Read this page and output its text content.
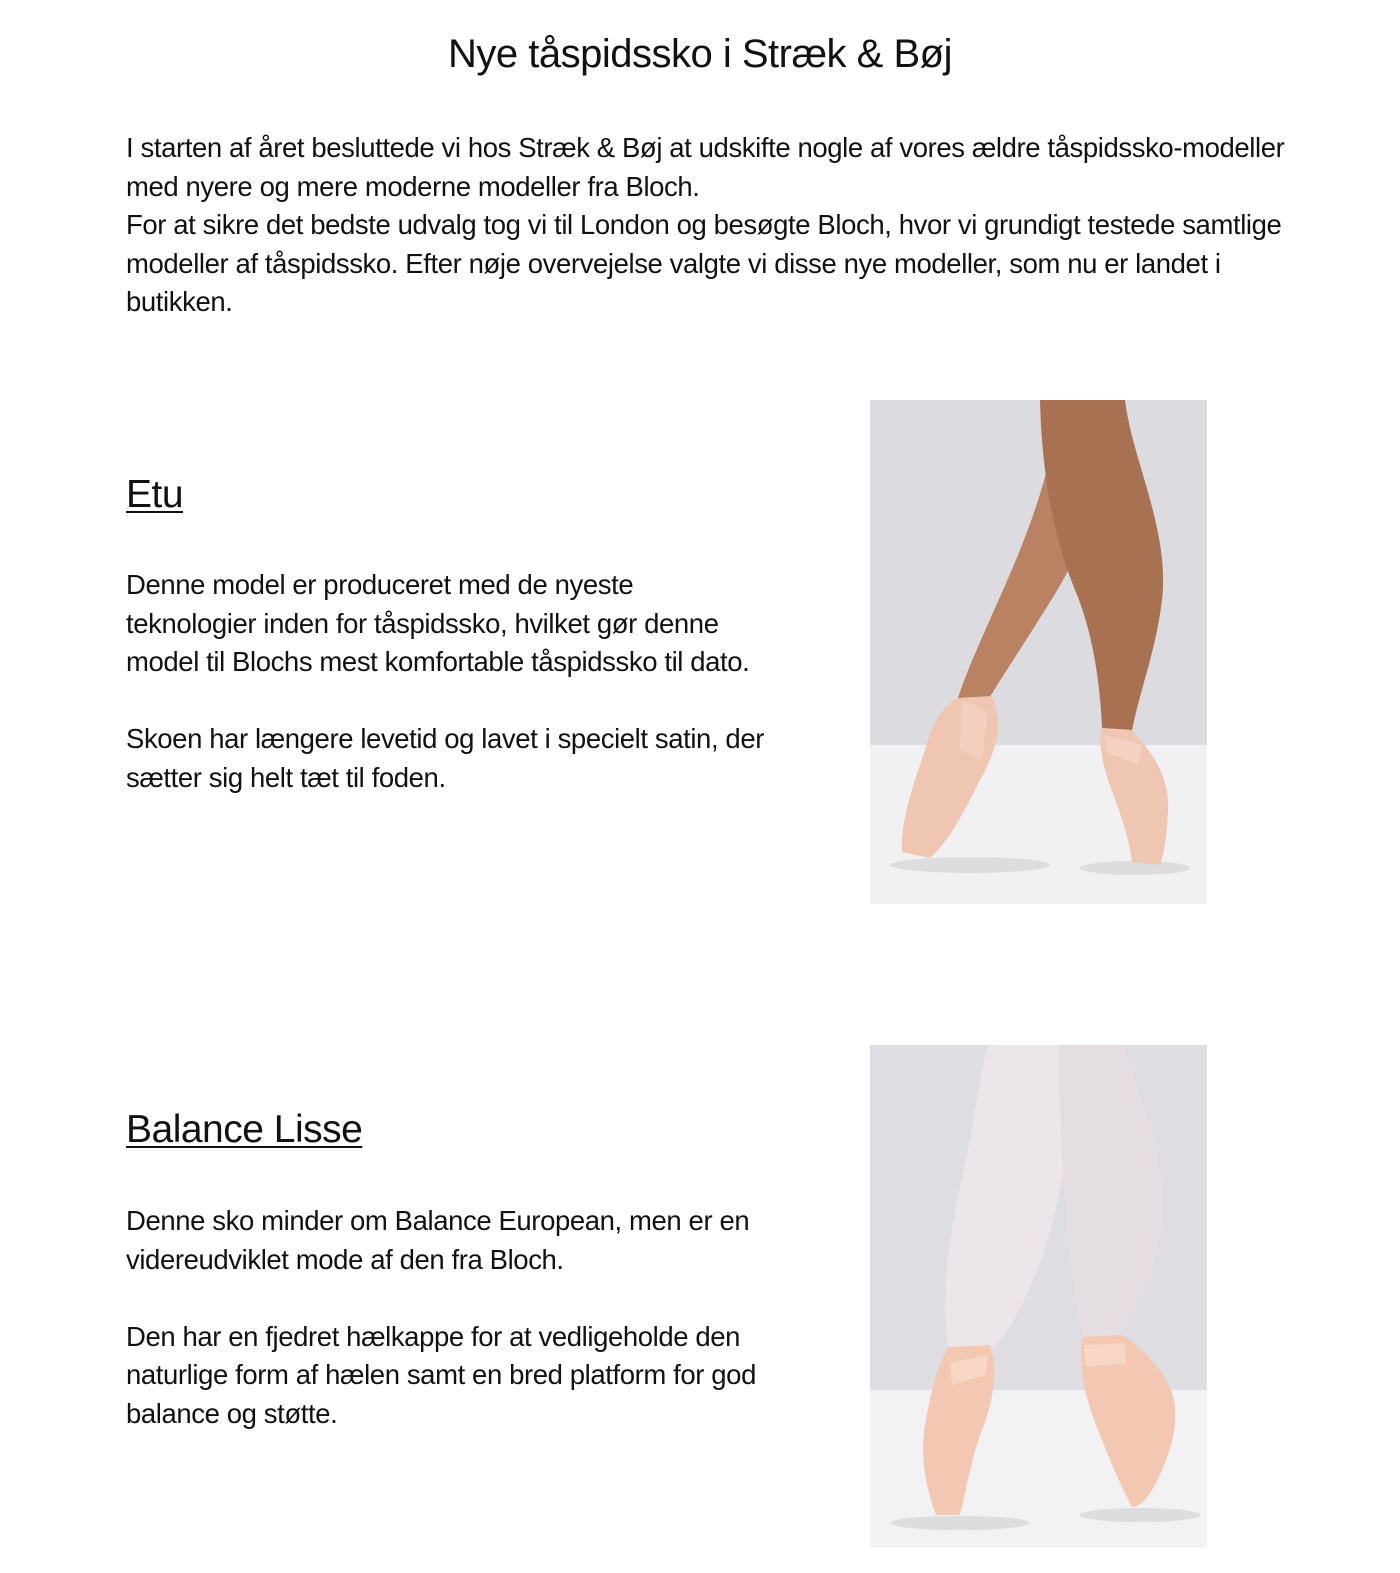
Nye tåspidssko i Stræk & Bøj

I starten af året besluttede vi hos Stræk & Bøj at udskifte nogle af vores ældre tåspidssko-modeller med nyere og mere moderne modeller fra Bloch.

For at sikre det bedste udvalg tog vi til London og besøgte Bloch, hvor vi grundigt testede samtlige modeller af tåspidssko. Efter nøje overvejelse valgte vi disse nye modeller, som nu er landet i butikken.

Etu

Denne model er produceret med de nyeste teknologier inden for tåspidssko, hvilket gør denne model til Blochs mest komfortable tåspidssko til dato.

Skoen har længere levetid og lavet i specielt satin, der sætter sig helt tæt til foden.

Balance Lisse

Denne sko minder om Balance European, men er en videreudviklet mode af den fra Bloch.

Den har en fjedret hælkappe for at vedligeholde den naturlige form af hælen samt en bred platform for god balance og støtte.
